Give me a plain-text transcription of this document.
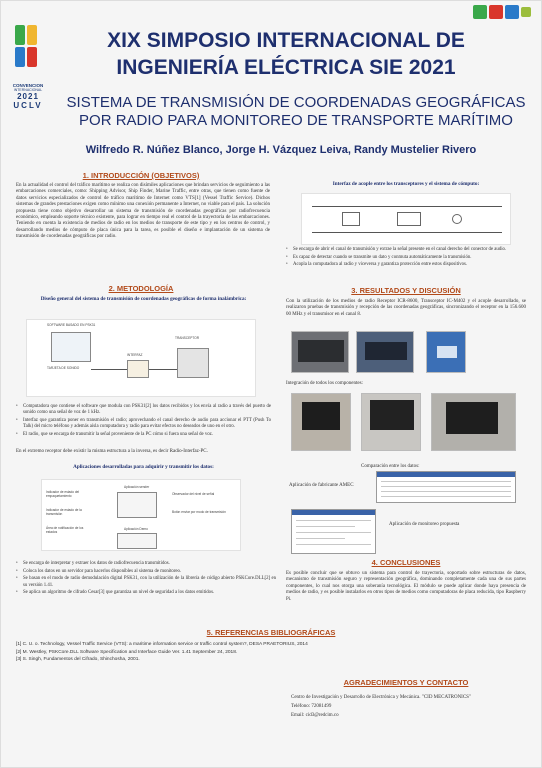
CONVENCION
INTERNACIONAL
2021
UCLV
XIX SIMPOSIO INTERNACIONAL DE
INGENIERÍA ELÉCTRICA SIE 2021
SISTEMA DE TRANSMISIÓN DE COORDENADAS GEOGRÁFICAS
POR RADIO PARA MONITOREO DE TRANSPORTE MARÍTIMO
Wilfredo R. Núñez Blanco, Jorge H. Vázquez Leiva, Randy Mustelier Rivero
1. INTRODUCCIÓN (OBJETIVOS)
En la actualidad el control del tráfico marítimo se realiza con disímiles aplicaciones que brindan servicios de seguimiento a las embarcaciones comerciales, como: Shipping Advisor, Ship Finder, Marine Traffic, entre otras, que tienen como fuente de datos servicios especializados de control de tráfico marítimo de Internet como VTS[1] (Vessel Traffic Service). Dichos sistemas de grandes prestaciones exigen como mínimo una conexión permanente a Internet, no viable para el país. La solución propuesta tiene como objetivo desarrollar un sistema de transmisión de coordenadas geográficas por radiofrecuencia económico, empleando soporte técnico existente, para lograr en tiempo real el control de la trayectoria de las embarcaciones. Teniendo en cuenta la existencia de medios de radio en los medios de transporte de este tipo y en los centros de control, y desarrollando medios de cómputo de placa única para la tarea, es posible el diseño e implantación de un sistema de transmisión de coordenadas geográficas por radio.
2. METODOLOGÍA
Diseño general del sistema de transmisión de coordenadas geográficas de forma inalámbrica:
SOFTWARE BASADO EN PSK31
TARJETA DE SONIDO
INTERFAZ
TRANSCEPTOR
• Computadora que contiene el software que modula con PSK31[2] los datos recibidos y los envía al radio a través del puerto de sonido como una señal de voz de 1 kHz.
• Interfaz que garantiza poner en transmisión el radio; aprovechando el canal derecho de audio para accionar el PTT (Push To Talk) del micro teléfono y además aísla computadora y radio para evitar efectos no deseados de uno en el otro.
• El radio, que se encarga de transmitir la señal proveniente de la PC cómo si fuera una señal de voz.
En el extremo receptor debe existir la misma estructura a la inversa, es decir Radio-Interfaz-PC.
Aplicaciones desarrolladas para adquirir y transmitir los datos:
Aplicación sender
Indicador de estado del empaquetamiento
Indicador de estado de la transmisión
Área de notificación de los estados
Observador del nivel de señal
Botón enviar por modo de transmisión
Aplicación Demo
• Se encarga de interpretar y extraer los datos de radiofrecuencia transmitidos.
• Coloca los datos en un servidor para hacerlos disponibles al sistema de monitoreo.
• Se basan en el modo de radio demodulación digital PSK31, con la utilización de la librería de código abierto PSKCore.DLL[2] en su versión 1.41.
• Se aplica un algoritmo de cifrado Cesar[3] que garantiza un nivel de seguridad a los datos emitidos.
Interfaz de acople entre los transceptores y el sistema de cómputo:
• Se encarga de abrir el canal de transmisión y extrae la señal presente en el canal derecho del conector de audio.
• Es capaz de detectar cuando se transmite un dato y conmuta automáticamente la transmisión.
• Acopla la computadora al radio y viceversa y garantiza protección entre estos dispositivos.
3. RESULTADOS Y DISCUSIÓN
Con la utilización de los medios de radio Receptor ICR-8600, Transceptor IC-M402 y el acople desarrollado, se realizaron pruebas de transmisión y recepción de las coordenadas geográficas, sincronizando el receptor en la 156.600 00 MHz y el transmisor en el canal 8.
Integración de todos los componentes:
Comparación entre los datos:
Aplicación de fabricante AMEC
Aplicación de monitoreo propuesta
4. CONCLUSIONES
Es posible concluir que se obtuvo un sistema para control de trayectoria, soportado sobre estructuras de datos, mecanismo de transmisión seguro y representación geográfica, dominando completamente cada una de sus partes componentes, lo cual nos otorga una soberanía tecnológica. El módulo se puede aplicar donde haya presencia de medios de radio, y es posible instalarlos en otros tipos de medios como computadoras de placa reducida, tipo Raspberry Pi.
5. REFERENCIAS BIBLIOGRÁFICAS
[1] C. U. o. Technology, Vessel Traffic Service (VTS): a maritime information service or traffic control system?, DESA PRAETORIUS, 2014
[2] M. Westley, PSKCore.DLL Software Specification and Interface Guide Ver. 1.41 September 24, 2018.
[3] S. Singh, Fundamentos del Cifrado, Shinchosha, 2001.
AGRADECIMIENTOS Y CONTACTO
Centro de Investigación y Desarrollo de Electrónica y Mecánica. "CID MECATRONICS"
Teléfono: 72081499
Email: cid3@redcim.co
